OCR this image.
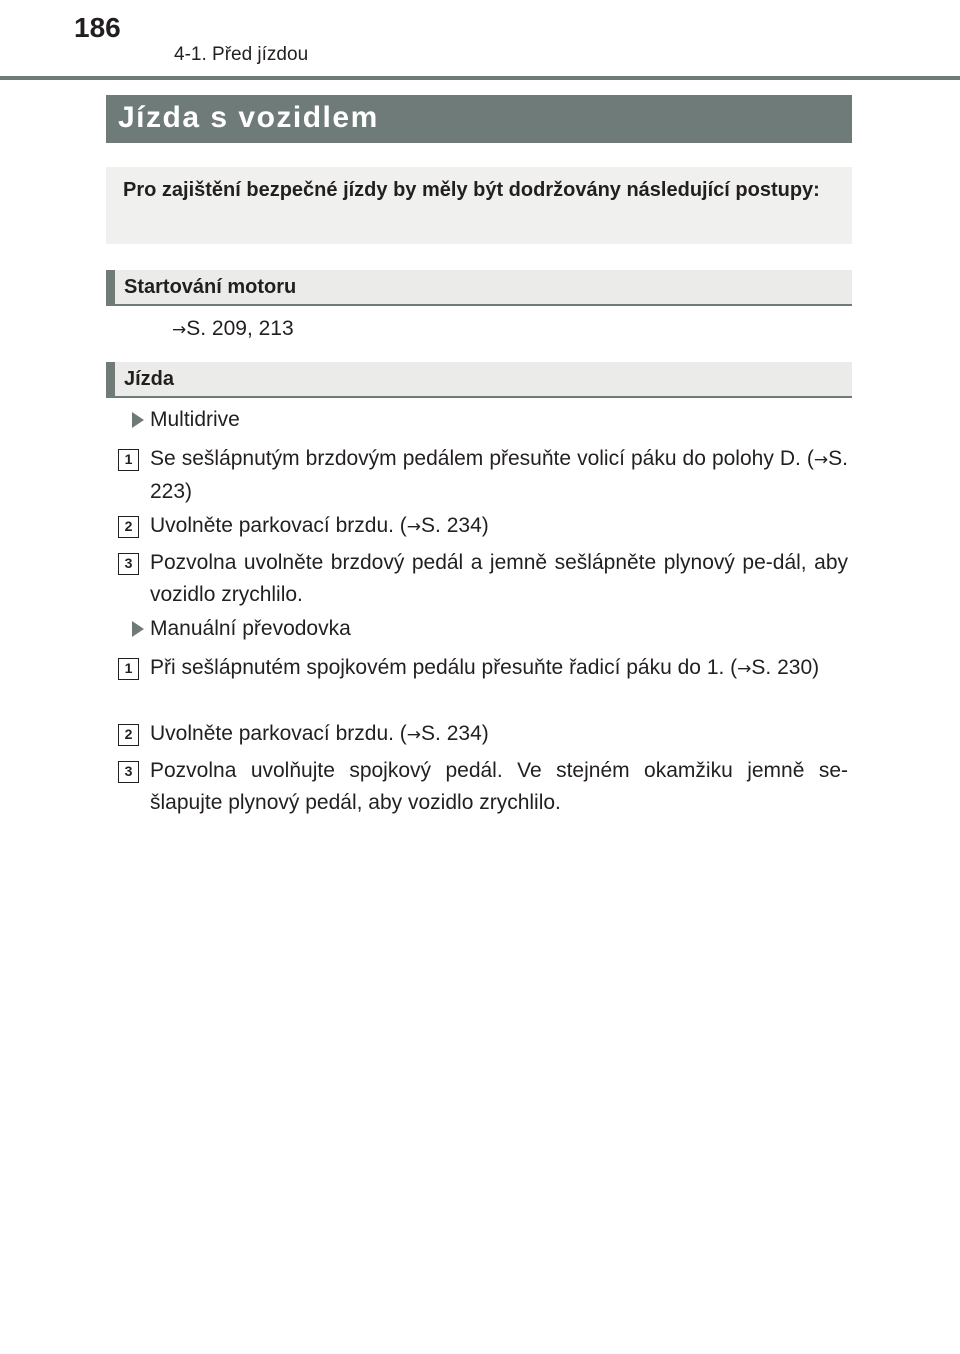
186
4-1. Před jízdou
Jízda s vozidlem

Pro zajištění bezpečné jízdy by měly být dodržovány následující postupy:

Startování motoru
→S. 209, 213
Jízda
Multidrive
1 Se sešlápnutým brzdovým pedálem přesuňte volicí páku do polohy D. (→S. 223)
2 Uvolněte parkovací brzdu. (→S. 234)
3 Pozvolna uvolněte brzdový pedál a jemně sešlápněte plynový pe-dál, aby vozidlo zrychlilo.
Manuální převodovka
1 Při sešlápnutém spojkovém pedálu přesuňte řadicí páku do 1. (→S. 230)
2 Uvolněte parkovací brzdu. (→S. 234)
3 Pozvolna uvolňujte spojkový pedál. Ve stejném okamžiku jemně se-šlapujte plynový pedál, aby vozidlo zrychlilo.
